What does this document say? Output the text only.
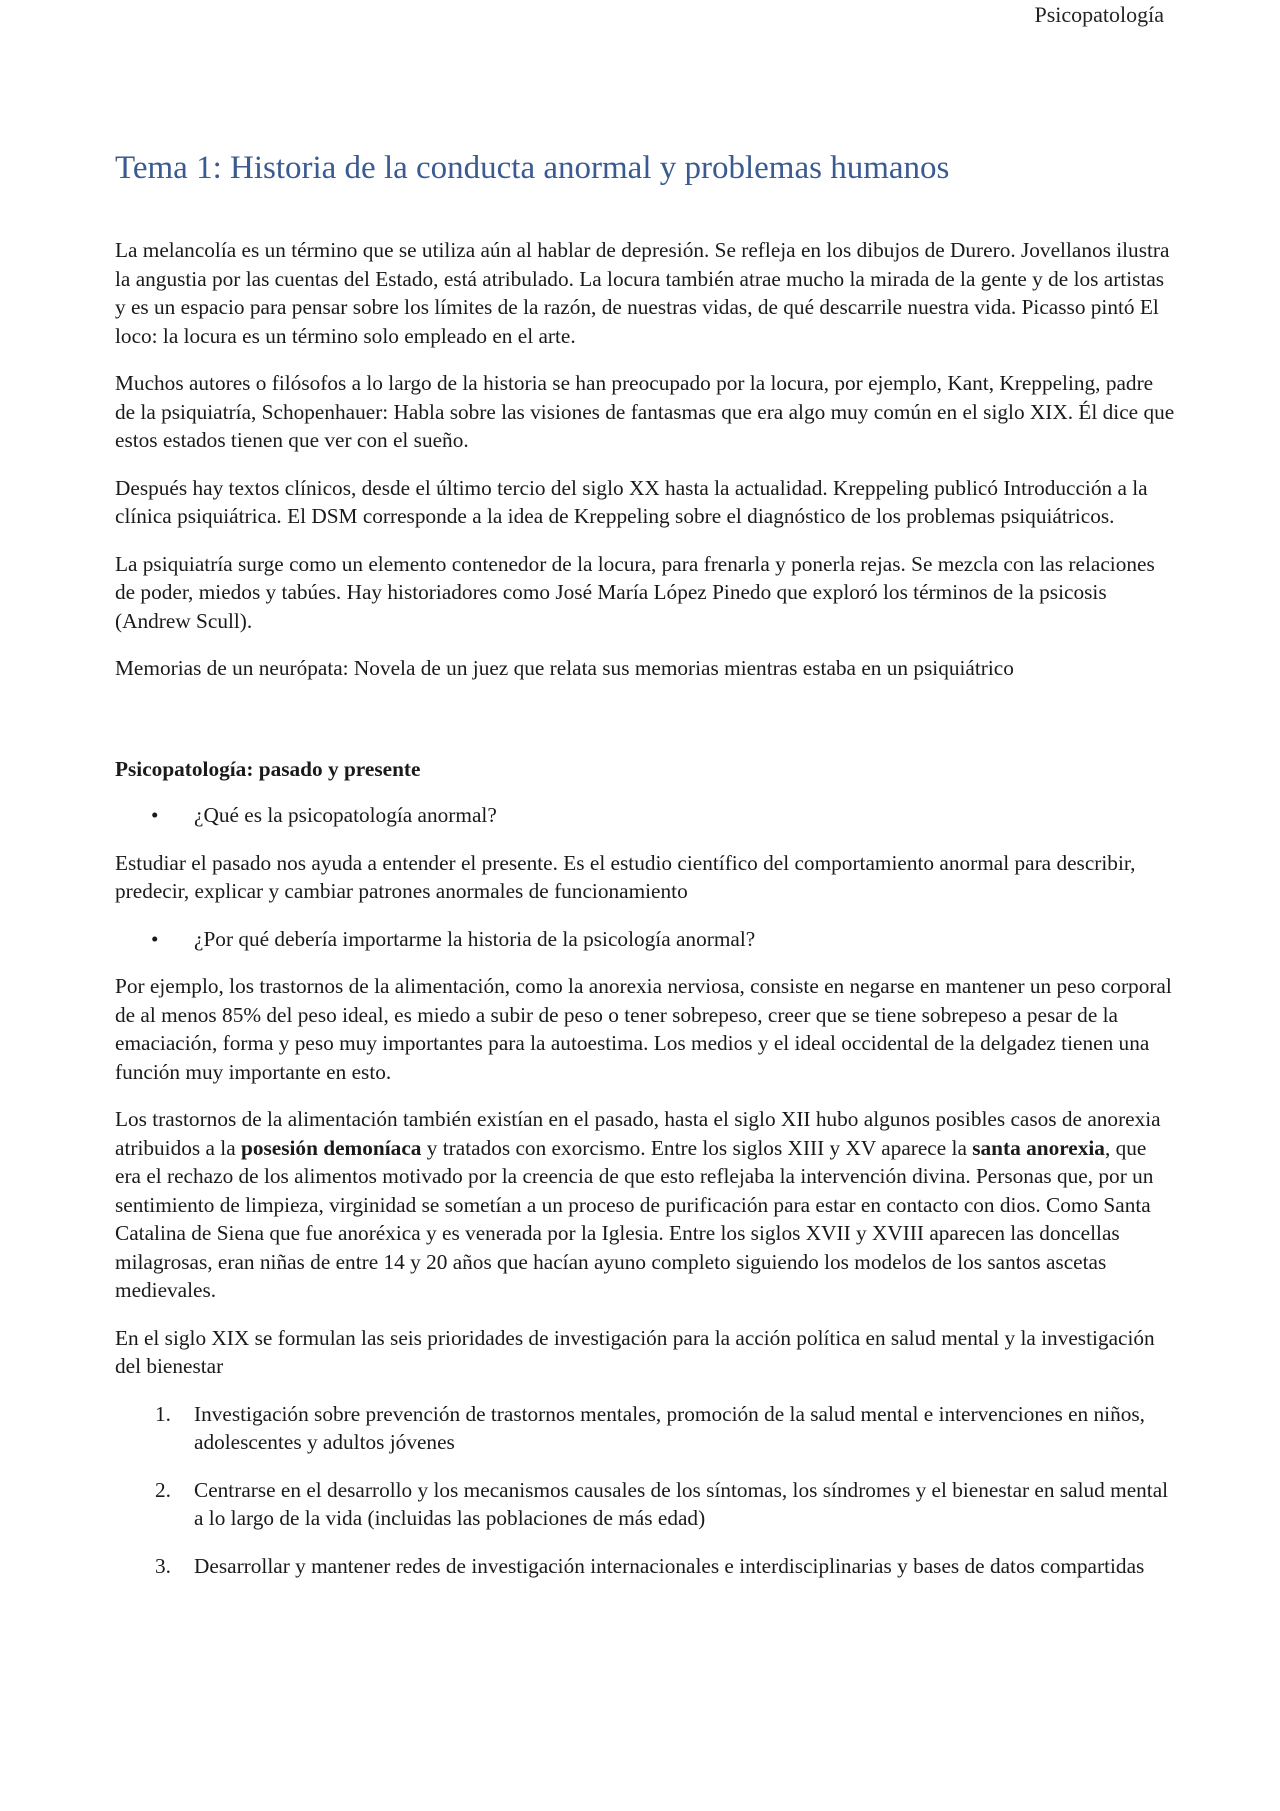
Psicopatología
Tema 1: Historia de la conducta anormal y problemas humanos

La melancolía es un término que se utiliza aún al hablar de depresión. Se refleja en los dibujos de Durero. Jovellanos ilustra la angustia por las cuentas del Estado, está atribulado. La locura también atrae mucho la mirada de la gente y de los artistas y es un espacio para pensar sobre los límites de la razón, de nuestras vidas, de qué descarrile nuestra vida. Picasso pintó El loco: la locura es un término solo empleado en el arte.

Muchos autores o filósofos a lo largo de la historia se han preocupado por la locura, por ejemplo, Kant, Kreppeling, padre de la psiquiatría, Schopenhauer: Habla sobre las visiones de fantasmas que era algo muy común en el siglo XIX. Él dice que estos estados tienen que ver con el sueño.

Después hay textos clínicos, desde el último tercio del siglo XX hasta la actualidad. Kreppeling publicó Introducción a la clínica psiquiátrica. El DSM corresponde a la idea de Kreppeling sobre el diagnóstico de los problemas psiquiátricos.

La psiquiatría surge como un elemento contenedor de la locura, para frenarla y ponerla rejas. Se mezcla con las relaciones de poder, miedos y tabúes. Hay historiadores como José María López Pinedo que exploró los términos de la psicosis (Andrew Scull).

Memorias de un neurópata: Novela de un juez que relata sus memorias mientras estaba en un psiquiátrico

Psicopatología: pasado y presente

• ¿Qué es la psicopatología anormal?

Estudiar el pasado nos ayuda a entender el presente. Es el estudio científico del comportamiento anormal para describir, predecir, explicar y cambiar patrones anormales de funcionamiento

• ¿Por qué debería importarme la historia de la psicología anormal?

Por ejemplo, los trastornos de la alimentación, como la anorexia nerviosa, consiste en negarse en mantener un peso corporal de al menos 85% del peso ideal, es miedo a subir de peso o tener sobrepeso, creer que se tiene sobrepeso a pesar de la emaciación, forma y peso muy importantes para la autoestima. Los medios y el ideal occidental de la delgadez tienen una función muy importante en esto.

Los trastornos de la alimentación también existían en el pasado, hasta el siglo XII hubo algunos posibles casos de anorexia atribuidos a la posesión demoníaca y tratados con exorcismo. Entre los siglos XIII y XV aparece la santa anorexia, que era el rechazo de los alimentos motivado por la creencia de que esto reflejaba la intervención divina. Personas que, por un sentimiento de limpieza, virginidad se sometían a un proceso de purificación para estar en contacto con dios. Como Santa Catalina de Siena que fue anoréxica y es venerada por la Iglesia. Entre los siglos XVII y XVIII aparecen las doncellas milagrosas, eran niñas de entre 14 y 20 años que hacían ayuno completo siguiendo los modelos de los santos ascetas medievales.

En el siglo XIX se formulan las seis prioridades de investigación para la acción política en salud mental y la investigación del bienestar

1. Investigación sobre prevención de trastornos mentales, promoción de la salud mental e intervenciones en niños, adolescentes y adultos jóvenes
2. Centrarse en el desarrollo y los mecanismos causales de los síntomas, los síndromes y el bienestar en salud mental a lo largo de la vida (incluidas las poblaciones de más edad)
3. Desarrollar y mantener redes de investigación internacionales e interdisciplinarias y bases de datos compartidas
